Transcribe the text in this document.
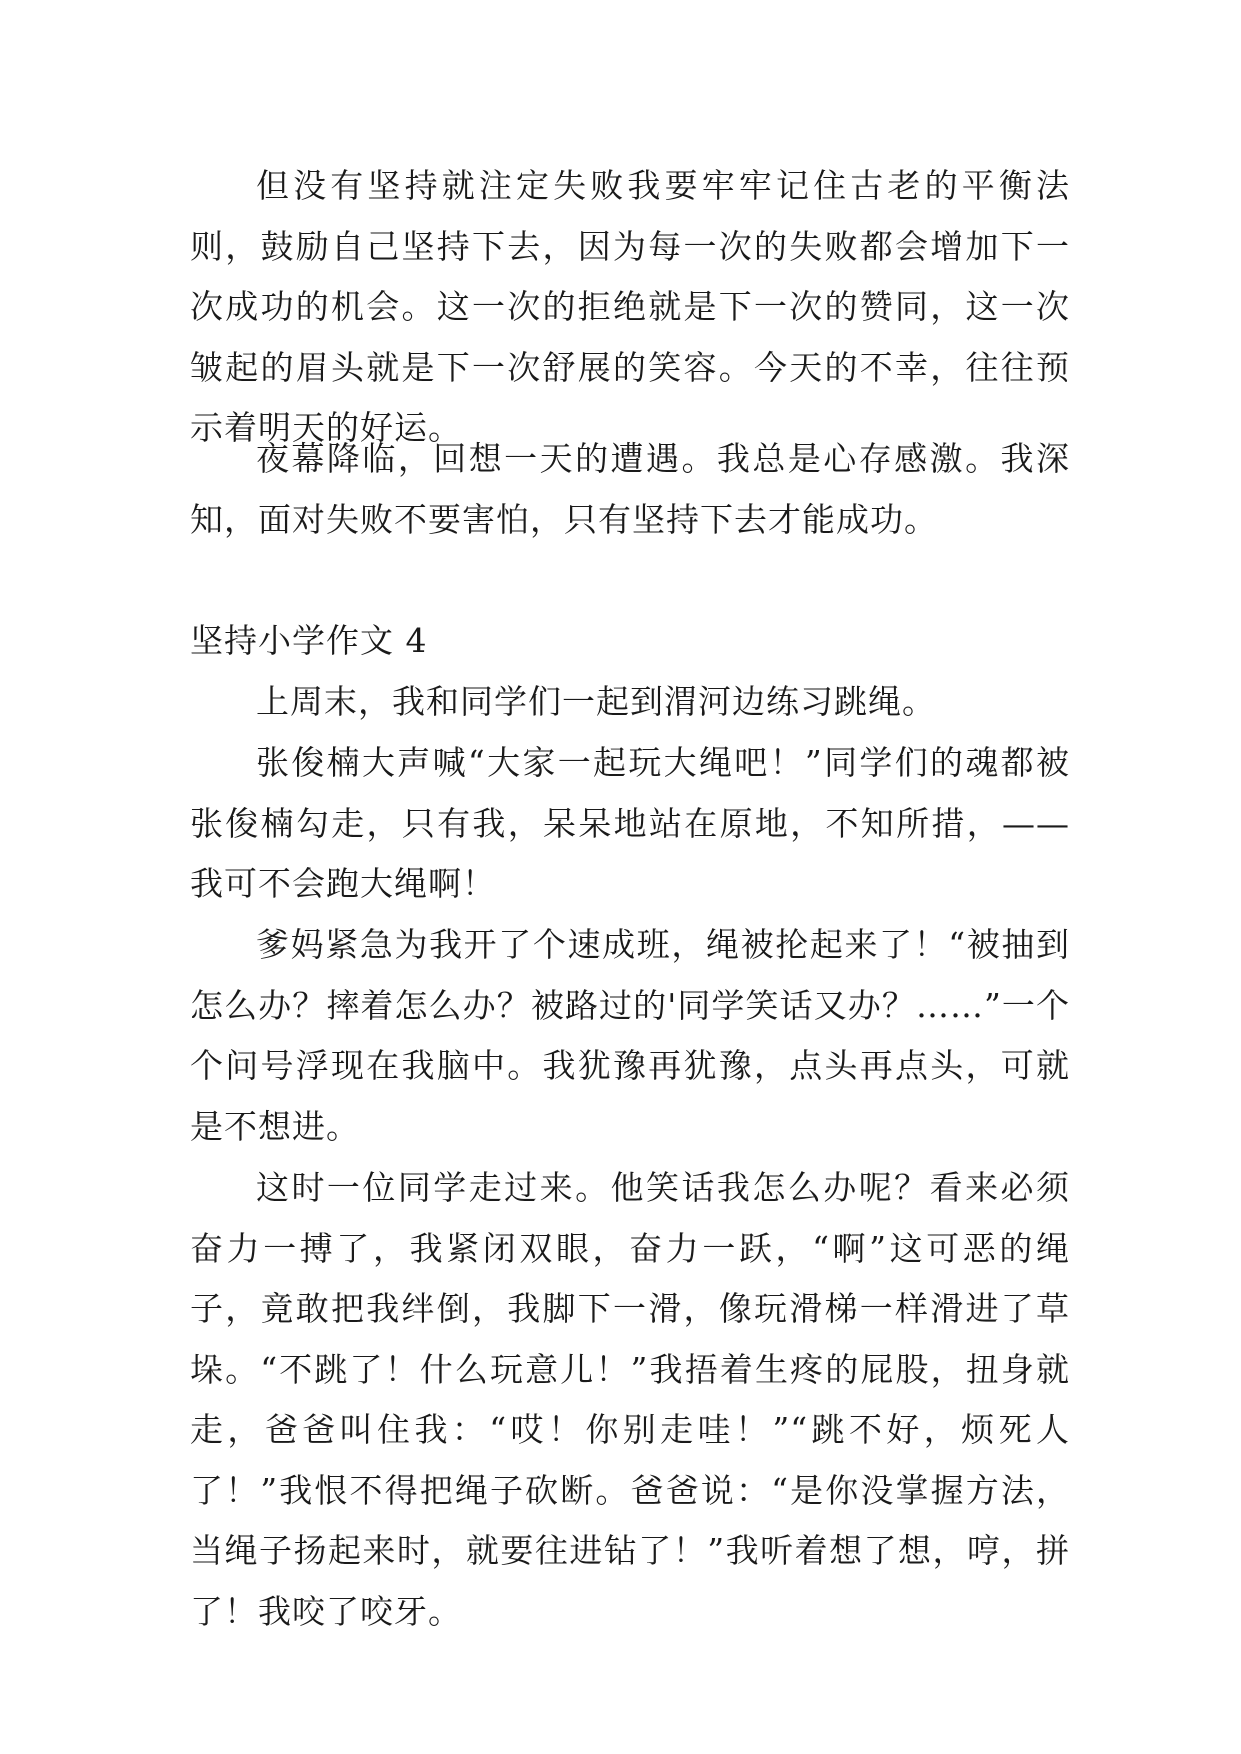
但没有坚持就注定失败我要牢牢记住古老的平衡法则，鼓励自己坚持下去，因为每一次的失败都会增加下一次成功的机会。这一次的拒绝就是下一次的赞同，这一次皱起的眉头就是下一次舒展的笑容。今天的不幸，往往预示着明天的好运。

夜幕降临，回想一天的遭遇。我总是心存感激。我深知，面对失败不要害怕，只有坚持下去才能成功。

坚持小学作文 4

上周末，我和同学们一起到渭河边练习跳绳。

张俊楠大声喊“大家一起玩大绳吧！”同学们的魂都被张俊楠勾走，只有我，呆呆地站在原地，不知所措，——我可不会跑大绳啊！

爹妈紧急为我开了个速成班，绳被抡起来了！“被抽到怎么办？摔着怎么办？被路过的'同学笑话又办？……”一个个问号浮现在我脑中。我犹豫再犹豫，点头再点头，可就是不想进。

这时一位同学走过来。他笑话我怎么办呢？看来必须奋力一搏了，我紧闭双眼，奋力一跃，“啊”这可恶的绳子，竟敢把我绊倒，我脚下一滑，像玩滑梯一样滑进了草垛。“不跳了！什么玩意儿！”我捂着生疼的屁股，扭身就走，爸爸叫住我：“哎！你别走哇！”“跳不好，烦死人了！”我恨不得把绳子砍断。爸爸说：“是你没掌握方法，当绳子扬起来时，就要往进钻了！”我听着想了想，哼，拼了！我咬了咬牙。
